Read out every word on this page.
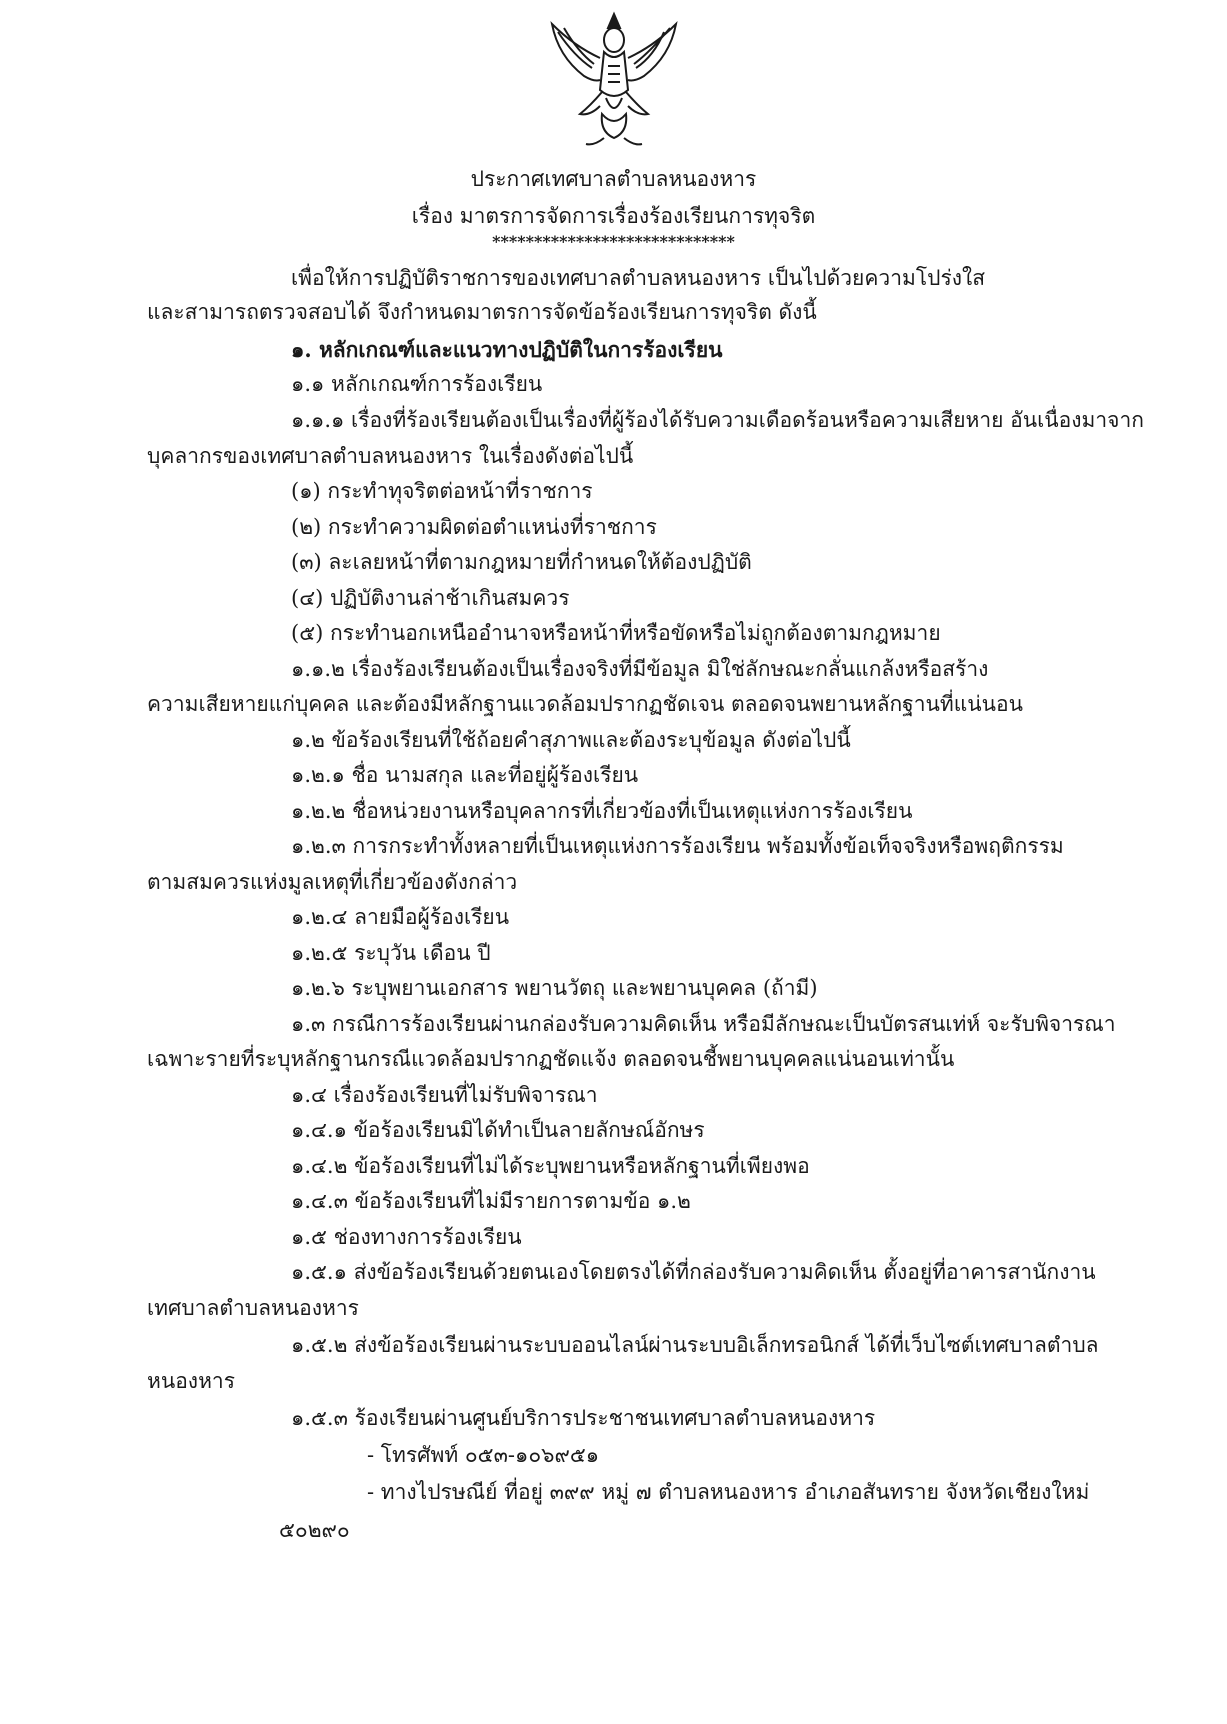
ประกาศเทศบาลตำบลหนองหาร
เรื่อง มาตรการจัดการเรื่องร้องเรียนการทุจริต
*****************************
เพื่อให้การปฏิบัติราชการของเทศบาลตำบลหนองหาร เป็นไปด้วยความโปร่งใส
และสามารถตรวจสอบได้ จึงกำหนดมาตรการจัดข้อร้องเรียนการทุจริต ดังนี้
๑. หลักเกณฑ์และแนวทางปฏิบัติในการร้องเรียน
๑.๑ หลักเกณฑ์การร้องเรียน
๑.๑.๑ เรื่องที่ร้องเรียนต้องเป็นเรื่องที่ผู้ร้องได้รับความเดือดร้อนหรือความเสียหาย อันเนื่องมาจาก
บุคลากรของเทศบาลตำบลหนองหาร ในเรื่องดังต่อไปนี้
(๑) กระทำทุจริตต่อหน้าที่ราชการ
(๒) กระทำความผิดต่อตำแหน่งที่ราชการ
(๓) ละเลยหน้าที่ตามกฎหมายที่กำหนดให้ต้องปฏิบัติ
(๔) ปฏิบัติงานล่าช้าเกินสมควร
(๕) กระทำนอกเหนืออำนาจหรือหน้าที่หรือขัดหรือไม่ถูกต้องตามกฎหมาย
๑.๑.๒ เรื่องร้องเรียนต้องเป็นเรื่องจริงที่มีข้อมูล มิใช่ลักษณะกลั่นแกล้งหรือสร้าง
ความเสียหายแก่บุคคล และต้องมีหลักฐานแวดล้อมปรากฏชัดเจน ตลอดจนพยานหลักฐานที่แน่นอน
๑.๒ ข้อร้องเรียนที่ใช้ถ้อยคำสุภาพและต้องระบุข้อมูล ดังต่อไปนี้
๑.๒.๑ ชื่อ นามสกุล และที่อยู่ผู้ร้องเรียน
๑.๒.๒ ชื่อหน่วยงานหรือบุคลากรที่เกี่ยวข้องที่เป็นเหตุแห่งการร้องเรียน
๑.๒.๓ การกระทำทั้งหลายที่เป็นเหตุแห่งการร้องเรียน พร้อมทั้งข้อเท็จจริงหรือพฤติกรรม
ตามสมควรแห่งมูลเหตุที่เกี่ยวข้องดังกล่าว
๑.๒.๔ ลายมือผู้ร้องเรียน
๑.๒.๕ ระบุวัน เดือน ปี
๑.๒.๖ ระบุพยานเอกสาร พยานวัตถุ และพยานบุคคล (ถ้ามี)
๑.๓ กรณีการร้องเรียนผ่านกล่องรับความคิดเห็น หรือมีลักษณะเป็นบัตรสนเท่ห์ จะรับพิจารณา
เฉพาะรายที่ระบุหลักฐานกรณีแวดล้อมปรากฏชัดแจ้ง ตลอดจนชี้พยานบุคคลแน่นอนเท่านั้น
๑.๔ เรื่องร้องเรียนที่ไม่รับพิจารณา
๑.๔.๑ ข้อร้องเรียนมิได้ทำเป็นลายลักษณ์อักษร
๑.๔.๒ ข้อร้องเรียนที่ไม่ได้ระบุพยานหรือหลักฐานที่เพียงพอ
๑.๔.๓ ข้อร้องเรียนที่ไม่มีรายการตามข้อ ๑.๒
๑.๕ ช่องทางการร้องเรียน
๑.๕.๑ ส่งข้อร้องเรียนด้วยตนเองโดยตรงได้ที่กล่องรับความคิดเห็น ตั้งอยู่ที่อาคารสานักงาน
เทศบาลตำบลหนองหาร
๑.๕.๒ ส่งข้อร้องเรียนผ่านระบบออนไลน์ผ่านระบบอิเล็กทรอนิกส์ ได้ที่เว็บไซต์เทศบาลตำบล
หนองหาร
๑.๕.๓ ร้องเรียนผ่านศูนย์บริการประชาชนเทศบาลตำบลหนองหาร
- โทรศัพท์ ๐๕๓-๑๐๖๙๕๑
- ทางไปรษณีย์ ที่อยู่ ๓๙๙ หมู่ ๗ ตำบลหนองหาร อำเภอสันทราย จังหวัดเชียงใหม่
๕๐๒๙๐
